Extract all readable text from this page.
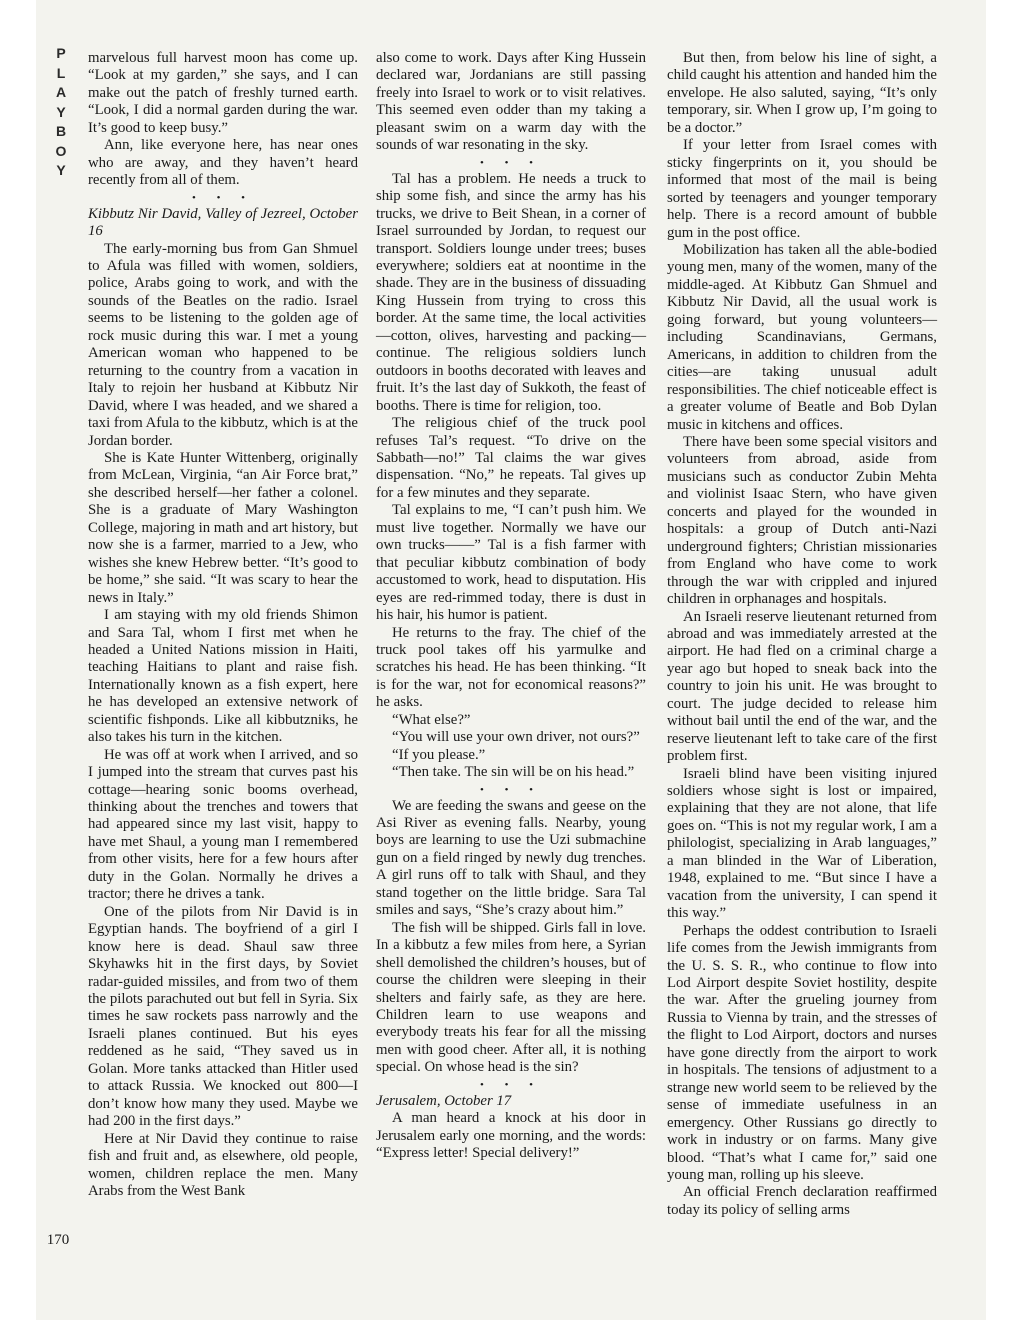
P
L
A
Y
B
O
Y
170

marvelous full harvest moon has come up. “Look at my garden,” she says, and I can make out the patch of freshly turned earth. “Look, I did a normal garden during the war. It’s good to keep busy.”

Ann, like everyone here, has near ones who are away, and they haven’t heard recently from all of them.

• • •

Kibbutz Nir David, Valley of Jezreel, October 16

The early-morning bus from Gan Shmuel to Afula was filled with women, soldiers, police, Arabs going to work, and with the sounds of the Beatles on the radio. Israel seems to be listening to the golden age of rock music during this war. I met a young American woman who happened to be returning to the country from a vacation in Italy to rejoin her husband at Kibbutz Nir David, where I was headed, and we shared a taxi from Afula to the kibbutz, which is at the Jordan border.

She is Kate Hunter Wittenberg, originally from McLean, Virginia, “an Air Force brat,” she described herself—her father a colonel. She is a graduate of Mary Washington College, majoring in math and art history, but now she is a farmer, married to a Jew, who wishes she knew Hebrew better. “It’s good to be home,” she said. “It was scary to hear the news in Italy.”

I am staying with my old friends Shimon and Sara Tal, whom I first met when he headed a United Nations mission in Haiti, teaching Haitians to plant and raise fish. Internationally known as a fish expert, here he has developed an extensive network of scientific fishponds. Like all kibbutzniks, he also takes his turn in the kitchen.

He was off at work when I arrived, and so I jumped into the stream that curves past his cottage—hearing sonic booms overhead, thinking about the trenches and towers that had appeared since my last visit, happy to have met Shaul, a young man I remembered from other visits, here for a few hours after duty in the Golan. Normally he drives a tractor; there he drives a tank.

One of the pilots from Nir David is in Egyptian hands. The boyfriend of a girl I know here is dead. Shaul saw three Skyhawks hit in the first days, by Soviet radar-guided missiles, and from two of them the pilots parachuted out but fell in Syria. Six times he saw rockets pass narrowly and the Israeli planes continued. But his eyes reddened as he said, “They saved us in Golan. More tanks attacked than Hitler used to attack Russia. We knocked out 800—I don’t know how many they used. Maybe we had 200 in the first days.”

Here at Nir David they continue to raise fish and fruit and, as elsewhere, old people, women, children replace the men. Many Arabs from the West Bank

also come to work. Days after King Hussein declared war, Jordanians are still passing freely into Israel to work or to visit relatives. This seemed even odder than my taking a pleasant swim on a warm day with the sounds of war resonating in the sky.

• • •

Tal has a problem. He needs a truck to ship some fish, and since the army has his trucks, we drive to Beit Shean, in a corner of Israel surrounded by Jordan, to request our transport. Soldiers lounge under trees; buses everywhere; soldiers eat at noontime in the shade. They are in the business of dissuading King Hussein from trying to cross this border. At the same time, the local activities—cotton, olives, harvesting and packing—continue. The religious soldiers lunch outdoors in booths decorated with leaves and fruit. It’s the last day of Sukkoth, the feast of booths. There is time for religion, too.

The religious chief of the truck pool refuses Tal’s request. “To drive on the Sabbath—no!” Tal claims the war gives dispensation. “No,” he repeats. Tal gives up for a few minutes and they separate.

Tal explains to me, “I can’t push him. We must live together. Normally we have our own trucks——” Tal is a fish farmer with that peculiar kibbutz combination of body accustomed to work, head to disputation. His eyes are red-rimmed today, there is dust in his hair, his humor is patient.

He returns to the fray. The chief of the truck pool takes off his yarmulke and scratches his head. He has been thinking. “It is for the war, not for economical reasons?” he asks.

“What else?”

“You will use your own driver, not ours?”

“If you please.”

“Then take. The sin will be on his head.”

• • •

We are feeding the swans and geese on the Asi River as evening falls. Nearby, young boys are learning to use the Uzi submachine gun on a field ringed by newly dug trenches. A girl runs off to talk with Shaul, and they stand together on the little bridge. Sara Tal smiles and says, “She’s crazy about him.”

The fish will be shipped. Girls fall in love. In a kibbutz a few miles from here, a Syrian shell demolished the children’s houses, but of course the children were sleeping in their shelters and fairly safe, as they are here. Children learn to use weapons and everybody treats his fear for all the missing men with good cheer. After all, it is nothing special. On whose head is the sin?

• • •

Jerusalem, October 17

A man heard a knock at his door in Jerusalem early one morning, and the words: “Express letter! Special delivery!”

But then, from below his line of sight, a child caught his attention and handed him the envelope. He also saluted, saying, “It’s only temporary, sir. When I grow up, I’m going to be a doctor.”

If your letter from Israel comes with sticky fingerprints on it, you should be informed that most of the mail is being sorted by teenagers and younger temporary help. There is a record amount of bubble gum in the post office.

Mobilization has taken all the able-bodied young men, many of the women, many of the middle-aged. At Kibbutz Gan Shmuel and Kibbutz Nir David, all the usual work is going forward, but young volunteers—including Scandinavians, Germans, Americans, in addition to children from the cities—are taking unusual adult responsibilities. The chief noticeable effect is a greater volume of Beatle and Bob Dylan music in kitchens and offices.

There have been some special visitors and volunteers from abroad, aside from musicians such as conductor Zubin Mehta and violinist Isaac Stern, who have given concerts and played for the wounded in hospitals: a group of Dutch anti-Nazi underground fighters; Christian missionaries from England who have come to work through the war with crippled and injured children in orphanages and hospitals.

An Israeli reserve lieutenant returned from abroad and was immediately arrested at the airport. He had fled on a criminal charge a year ago but hoped to sneak back into the country to join his unit. He was brought to court. The judge decided to release him without bail until the end of the war, and the reserve lieutenant left to take care of the first problem first.

Israeli blind have been visiting injured soldiers whose sight is lost or impaired, explaining that they are not alone, that life goes on. “This is not my regular work, I am a philologist, specializing in Arab languages,” a man blinded in the War of Liberation, 1948, explained to me. “But since I have a vacation from the university, I can spend it this way.”

Perhaps the oddest contribution to Israeli life comes from the Jewish immigrants from the U. S. S. R., who continue to flow into Lod Airport despite Soviet hostility, despite the war. After the grueling journey from Russia to Vienna by train, and the stresses of the flight to Lod Airport, doctors and nurses have gone directly from the airport to work in hospitals. The tensions of adjustment to a strange new world seem to be relieved by the sense of immediate usefulness in an emergency. Other Russians go directly to work in industry or on farms. Many give blood. “That’s what I came for,” said one young man, rolling up his sleeve.

An official French declaration reaffirmed today its policy of selling arms
